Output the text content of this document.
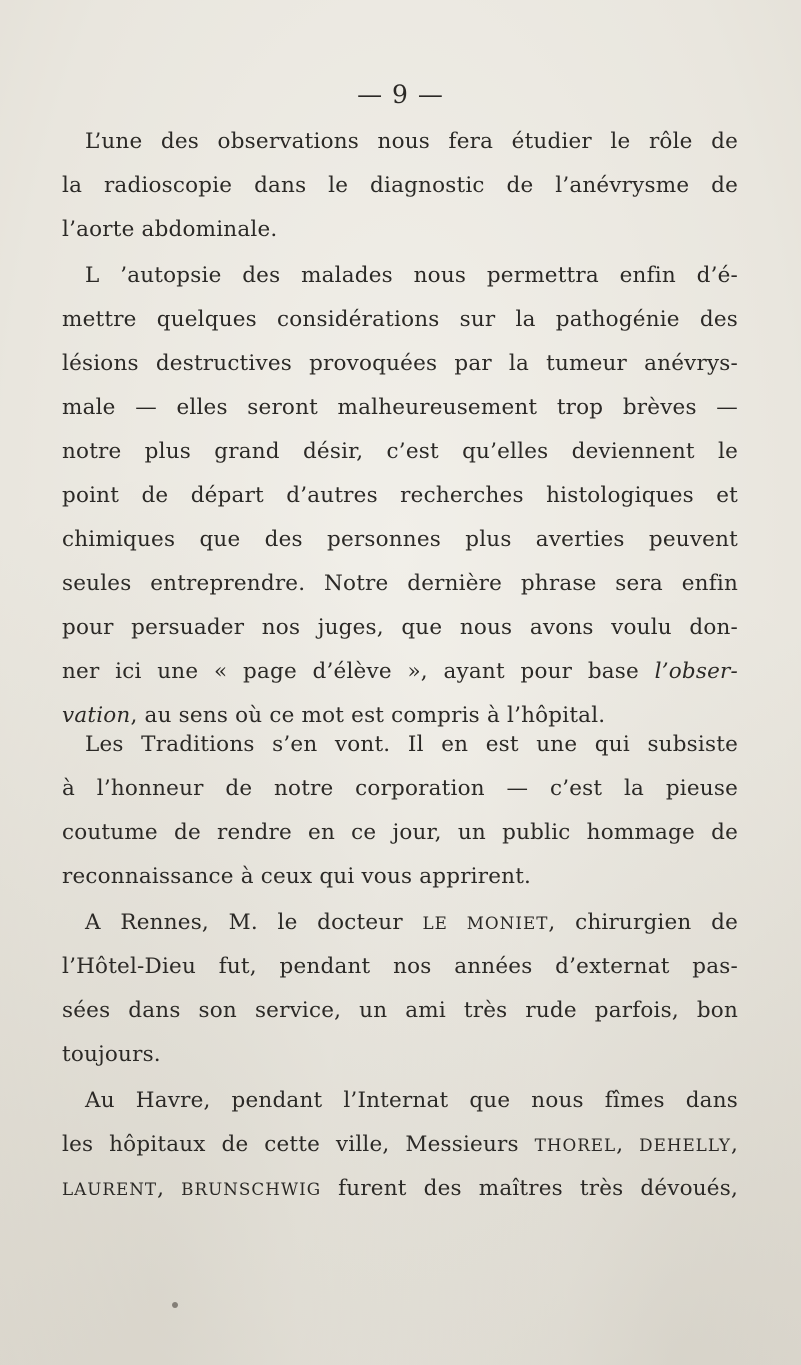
— 9 —
L’une des observations nous fera étudier le rôle de
la radioscopie dans le diagnostic de l’anévrysme de
l’aorte abdominale.
L ’autopsie des malades nous permettra enfin d’é-
mettre quelques considérations sur la pathogénie des
lésions destructives provoquées par la tumeur anévrys-
male — elles seront malheureusement trop brèves —
notre plus grand désir, c’est qu’elles deviennent le
point de départ d’autres recherches histologiques et
chimiques que des personnes plus averties peuvent
seules entreprendre. Notre dernière phrase sera enfin
pour persuader nos juges, que nous avons voulu don-
ner ici une « page d’élève », ayant pour base l’obser-
vation, au sens où ce mot est compris à l’hôpital.
Les Traditions s’en vont. Il en est une qui subsiste
à l’honneur de notre corporation — c’est la pieuse
coutume de rendre en ce jour, un public hommage de
reconnaissance à ceux qui vous apprirent.
A Rennes, M. le docteur LE MONIET, chirurgien de
l’Hôtel-Dieu fut, pendant nos années d’externat pas-
sées dans son service, un ami très rude parfois, bon
toujours.
Au Havre, pendant l’Internat que nous fîmes dans
les hôpitaux de cette ville, Messieurs THOREL, DEHELLY,
LAURENT, BRUNSCHWIG furent des maîtres très dévoués,
